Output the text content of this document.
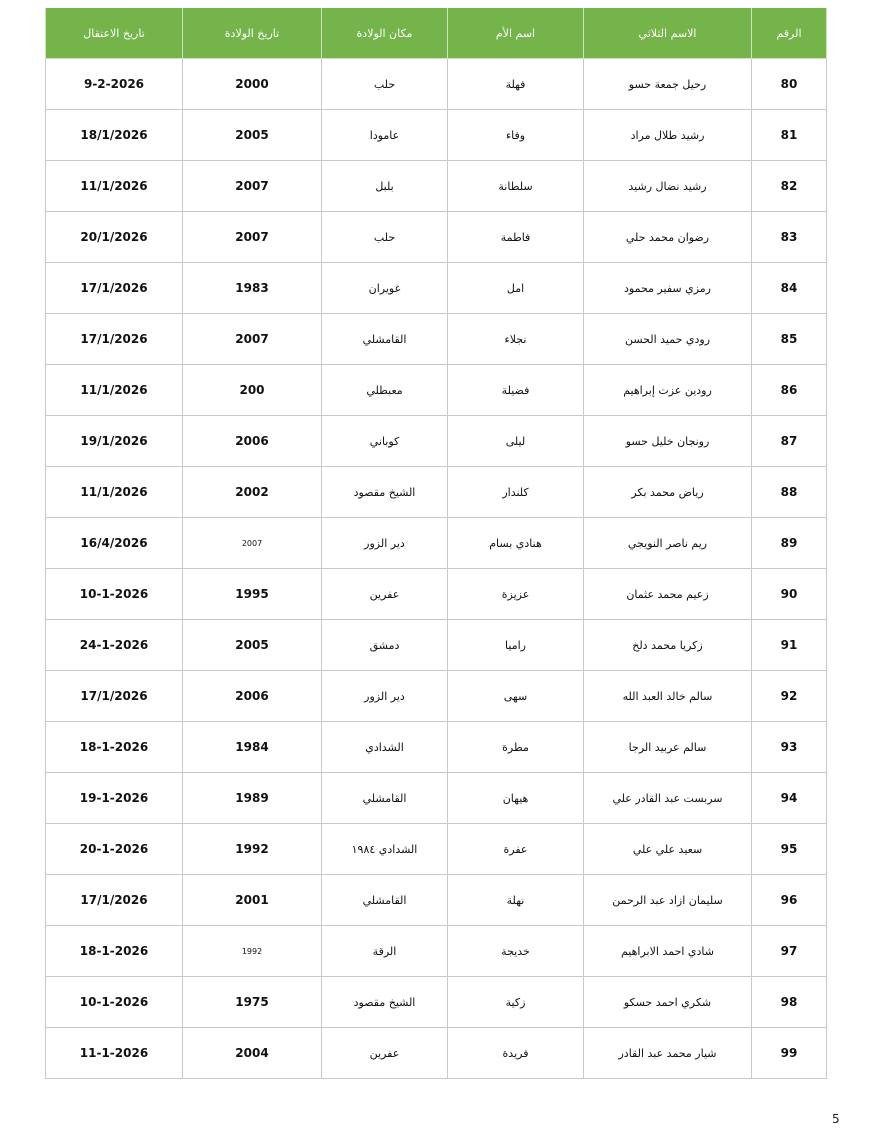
الرقم	الاسم الثلاثي	اسم الأم	مكان الولادة	تاريخ الولادة	تاريخ الاعتقال
80	رحيل جمعة حسو	فهلة	حلب	2000	9-2-2026
81	رشيد طلال مراد	وفاء	عامودا	2005	18/1/2026
82	رشيد نضال رشيد	سلطانة	بلبل	2007	11/1/2026
83	رضوان محمد حلي	فاطمة	حلب	2007	20/1/2026
84	رمزي سفير محمود	امل	غويران	1983	17/1/2026
85	رودي حميد الحسن	نجلاء	القامشلي	2007	17/1/2026
86	رودين عزت إبراهيم	فضيلة	معبطلي	200	11/1/2026
87	رونجان خليل حسو	ليلى	كوباني	2006	19/1/2026
88	رياض محمد بكر	كلندار	الشيخ مقصود	2002	11/1/2026
89	ريم ناصر النويجي	هنادي بسام	دير الزور	2007	16/4/2026
90	زعيم محمد عثمان	عزيزة	عفرين	1995	10-1-2026
91	زكريا محمد دلخ	راميا	دمشق	2005	24-1-2026
92	سالم خالد العبد الله	سهى	دير الزور	2006	17/1/2026
93	سالم عربيد الرجا	مطرة	الشدادي	1984	18-1-2026
94	سربست عبد القادر علي	هيهان	القامشلي	1989	19-1-2026
95	سعيد علي علي	عفرة	الشدادي ١٩٨٤	1992	20-1-2026
96	سليمان ازاد عبد الرحمن	نهلة	القامشلي	2001	17/1/2026
97	شادي احمد الابراهيم	خديجة	الرقة	1992	18-1-2026
98	شكري احمد حسكو	زكية	الشيخ مقصود	1975	10-1-2026
99	شيار محمد عبد القادر	فريدة	عفرين	2004	11-1-2026
5
